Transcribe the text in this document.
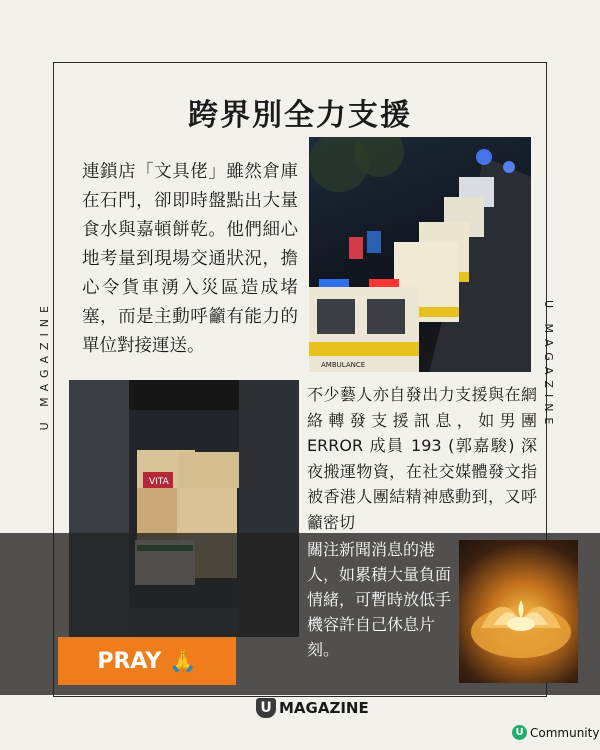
U MAGAZINE	U MAGAZINE
跨界別全力支援
連鎖店「文具佬」雖然倉庫在石門，卻即時盤點出大量食水與嘉頓餅乾。他們細心地考量到現場交通狀況，擔心令貨車湧入災區造成堵塞，而是主動呼籲有能力的單位對接運送。
AMBULANCE
VITA
不少藝人亦自發出力支援與在網絡轉發支援訊息，如男團 ERROR 成員 193 (郭嘉駿) 深夜搬運物資，在社交媒體發文指被香港人團結精神感動到，又呼籲密切
關注新聞消息的港人，如累積大量負面情緒，可暫時放低手機容許自己休息片刻。
PRAY 🙏
U MAGAZINE
U Community
